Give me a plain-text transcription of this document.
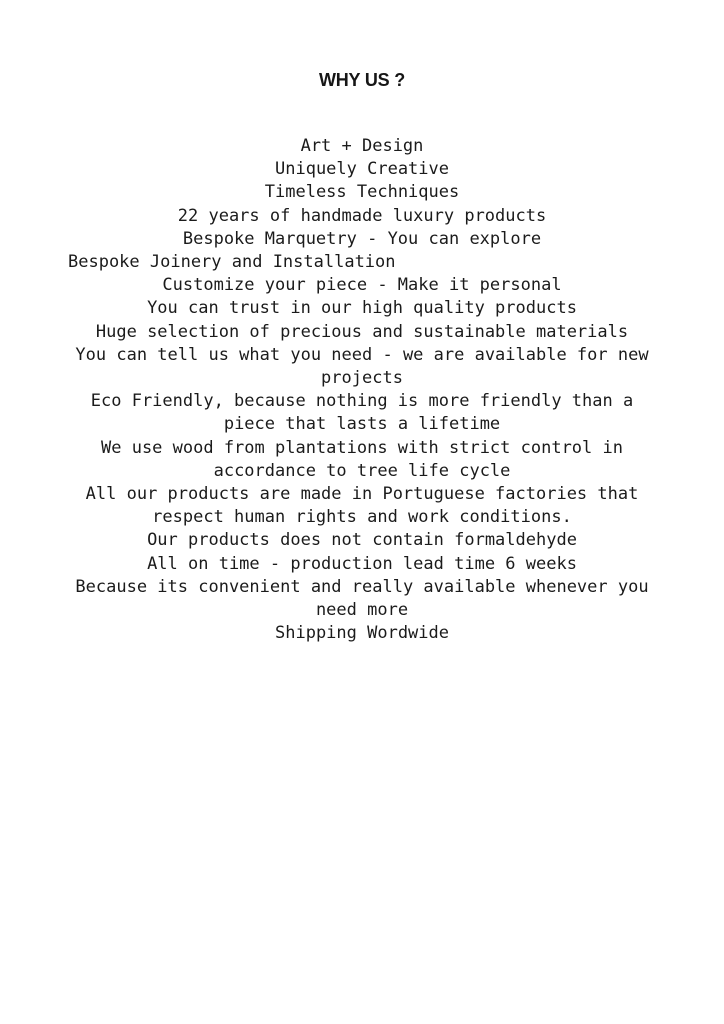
WHY US ?
Art + Design
Uniquely Creative
Timeless Techniques
22 years of handmade luxury products
Bespoke Marquetry - You can explore
Bespoke Joinery and Installation
Customize your piece - Make it personal
You can trust in our high quality products
Huge selection of precious and sustainable materials
You can tell us what you need - we are available for new
projects
Eco Friendly, because nothing is more friendly than a
piece that lasts a lifetime
We use wood from plantations with strict control in
accordance to tree life cycle
All our products are made in Portuguese factories that
respect human rights and work conditions.
Our products does not contain formaldehyde
All on time - production lead time 6 weeks
Because its convenient and really available whenever you
need more
Shipping Wordwide
